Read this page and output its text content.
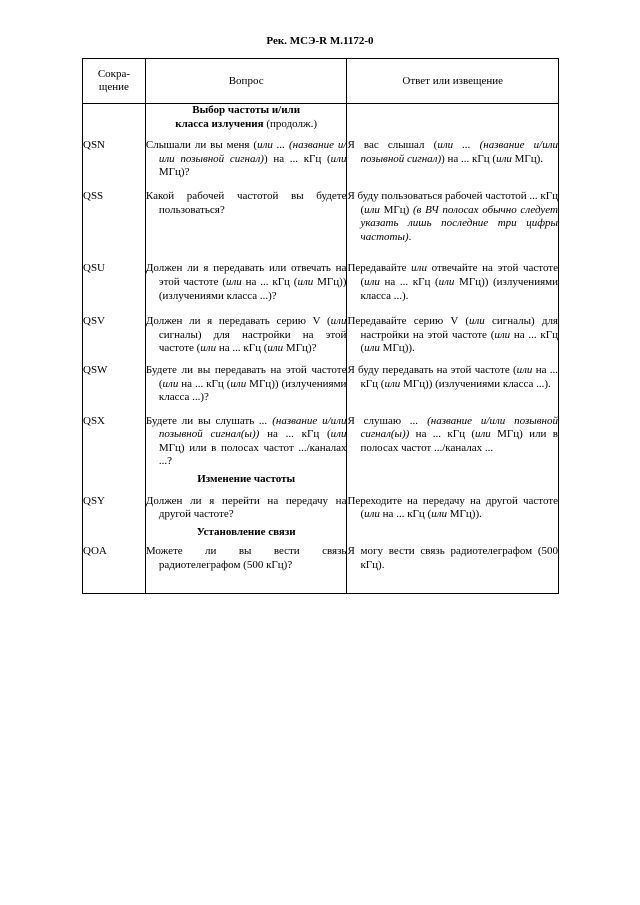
Рек. МСЭ-R M.1172-0
Сокра-
щение	Вопрос	Ответ или извещение
	Выбор частоты и/или
класса излучения (продолж.)	
QSN	Слышали ли вы меня (или ... (название и/или позывной сигнал)) на ... кГц (или МГц)?	Я вас слышал (или ... (название и/или позывной сигнал)) на ... кГц (или МГц).

QSS	Какой рабочей частотой вы будете пользоваться?	Я буду пользоваться рабочей частотой ... кГц (или МГц) (в ВЧ полосах обычно следует указать лишь последние три цифры частоты).

QSU	Должен ли я передавать или отвечать на этой частоте (или на ... кГц (или МГц)) (излучениями класса ...)?	Передавайте или отвечайте на этой частоте (или на ... кГц (или МГц)) (излучениями класса ...).

QSV	Должен ли я передавать серию V (или сигналы) для настройки на этой частоте (или на ... кГц (или МГц)?	Передавайте серию V (или сигналы) для настройки на этой частоте (или на ... кГц (или МГц)).

QSW	Будете ли вы передавать на этой частоте (или на ... кГц (или МГц)) (излучениями класса ...)?	Я буду передавать на этой частоте (или на ... кГц (или МГц)) (излучениями класса ...).

QSX	Будете ли вы слушать ... (название и/или позывной сигнал(ы)) на ... кГц (или МГц) или в полосах частот .../каналах ...?	Я слушаю ... (название и/или позывной сигнал(ы)) на ... кГц (или МГц) или в полосах частот .../каналах ...

	Изменение частоты	
QSY	Должен ли я перейти на передачу на другой частоте?	Переходите на передачу на другой частоте (или на ... кГц (или МГц)).

	Установление связи	
QOA	Можете ли вы вести связь радиотелеграфом (500 кГц)?	Я могу вести связь радиотелеграфом (500 кГц).
